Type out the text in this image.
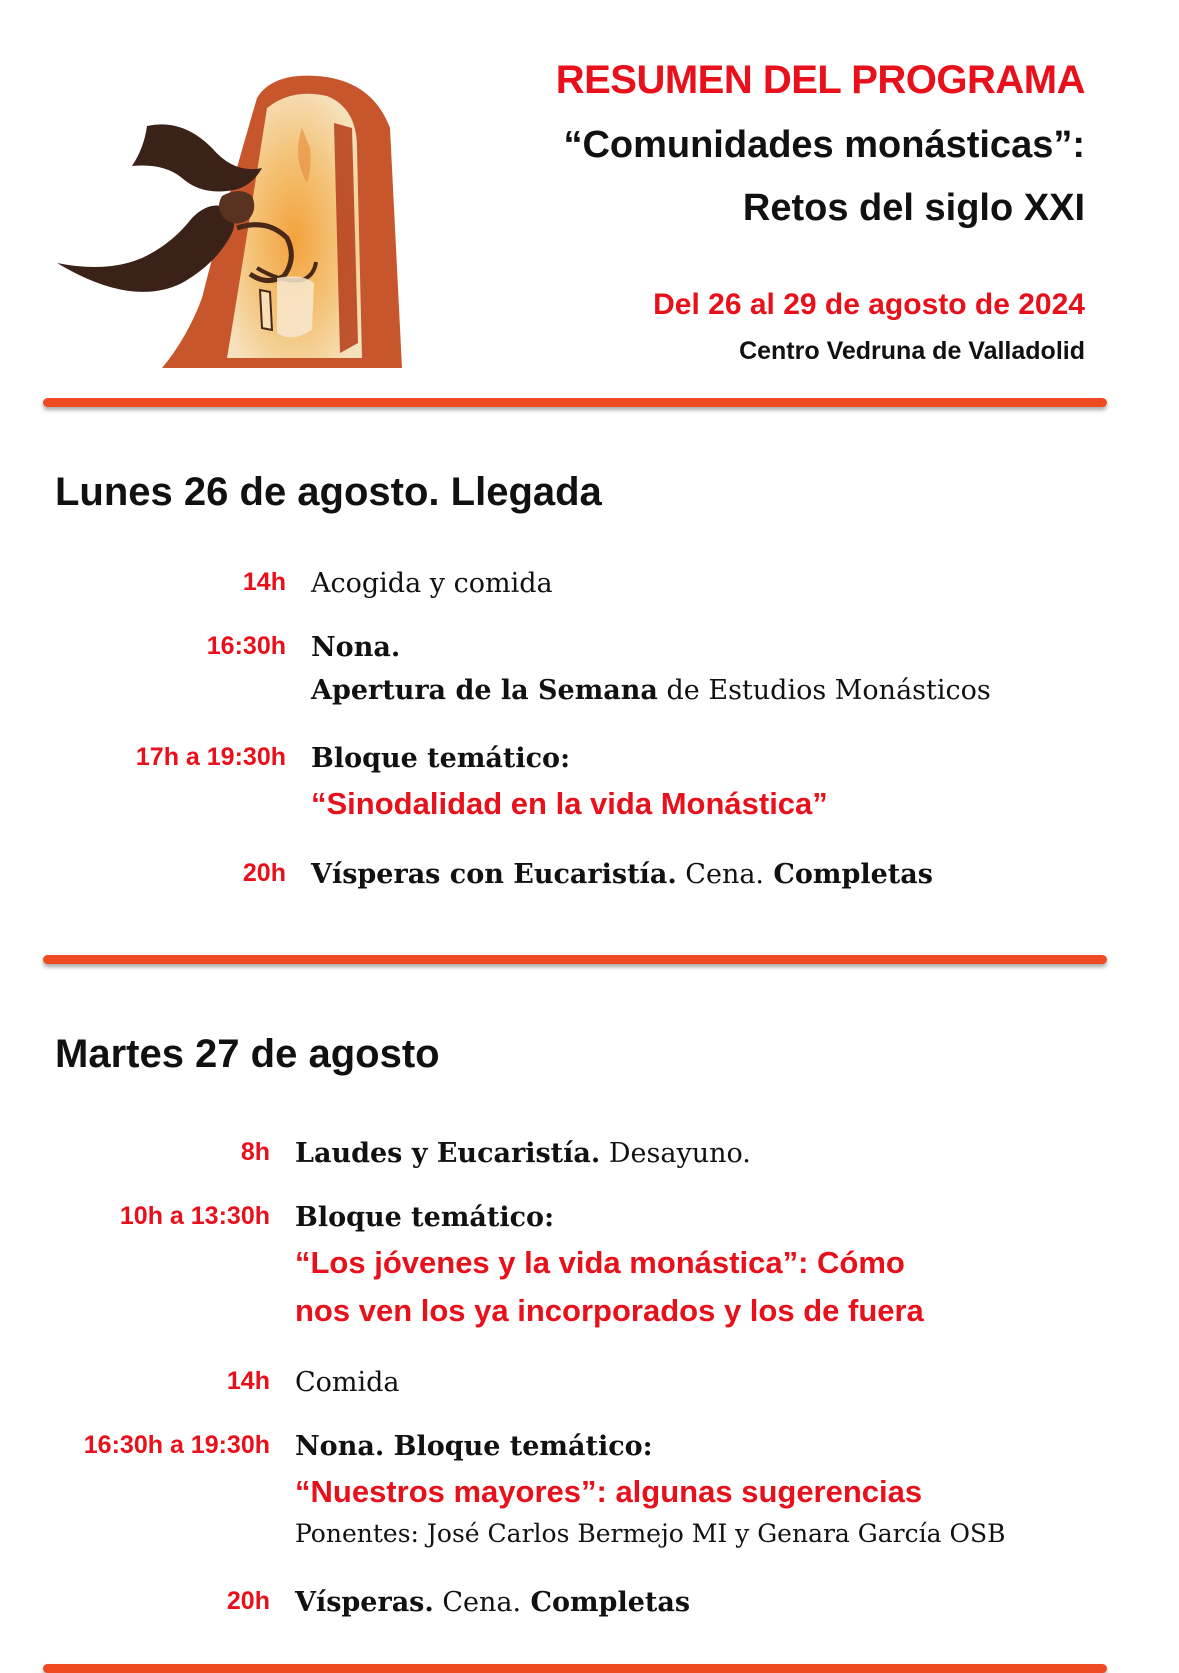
RESUMEN DEL PROGRAMA
“Comunidades monásticas”:
Retos del siglo XXI
Del 26 al 29 de agosto de 2024
Centro Vedruna de Valladolid
Lunes 26 de agosto. Llegada
14h Acogida y comida
16:30h Nona.
Apertura de la Semana de Estudios Monásticos
17h a 19:30h Bloque temático:
“Sinodalidad en la vida Monástica”
20h Vísperas con Eucaristía. Cena. Completas
Martes 27 de agosto
8h Laudes y Eucaristía. Desayuno.
10h a 13:30h Bloque temático:
“Los jóvenes y la vida monástica”: Cómo
nos ven los ya incorporados y los de fuera
14h Comida
16:30h a 19:30h Nona. Bloque temático:
“Nuestros mayores”: algunas sugerencias
Ponentes: José Carlos Bermejo MI y Genara García OSB
20h Vísperas. Cena. Completas
